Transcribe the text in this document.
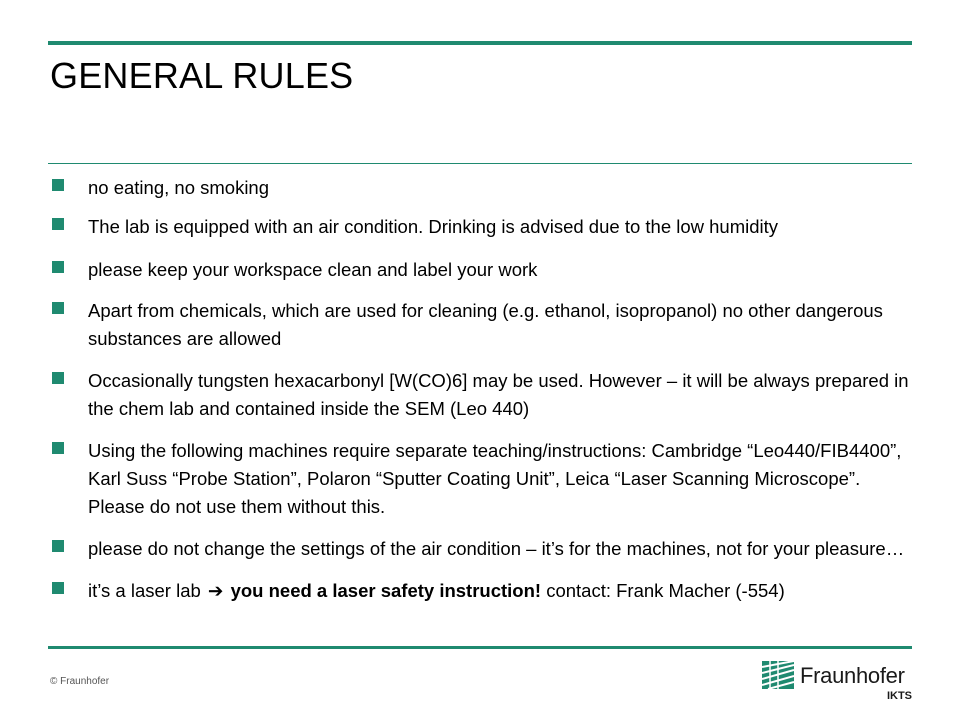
GENERAL RULES
no eating, no smoking
The lab is equipped with an air condition. Drinking is advised due to the low humidity
please keep your workspace clean and label your work
Apart from chemicals, which are used for cleaning (e.g. ethanol, isopropanol) no other dangerous substances are allowed
Occasionally tungsten hexacarbonyl [W(CO)6] may be used. However – it will be always prepared in the chem lab and contained inside the SEM (Leo 440)
Using the following machines require separate teaching/instructions: Cambridge “Leo440/FIB4400”, Karl Suss “Probe Station”, Polaron “Sputter Coating Unit”, Leica “Laser Scanning Microscope”. Please do not use them without this.
please do not change the settings of the air condition – it’s for the machines, not for your pleasure…
it’s a laser lab ➔ you need a laser safety instruction! contact: Frank Macher (-554)
© Fraunhofer	Fraunhofer
IKTS
